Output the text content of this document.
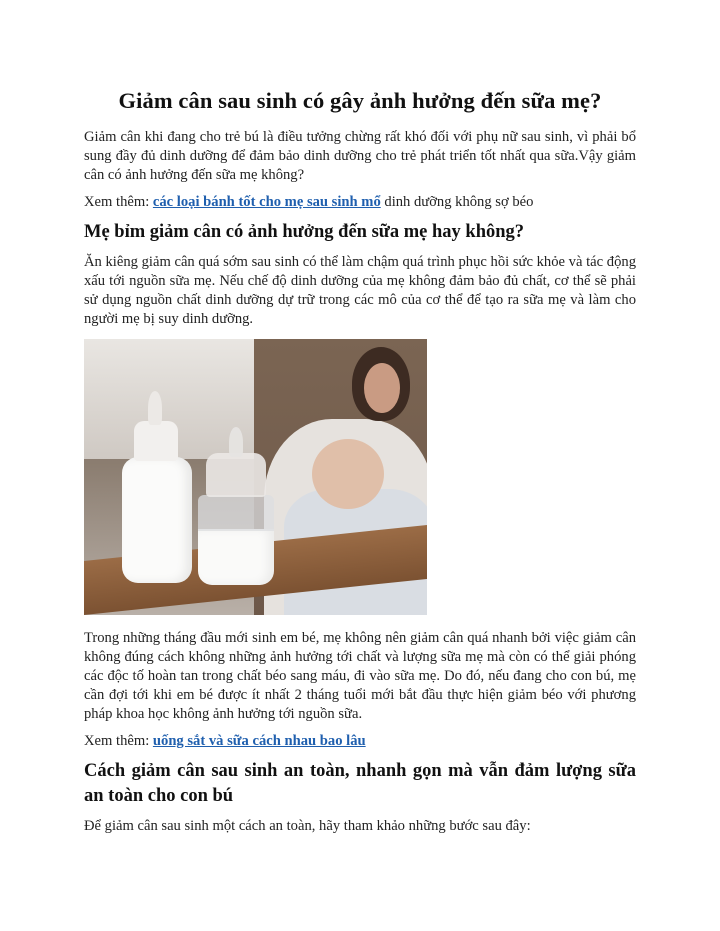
Giảm cân sau sinh có gây ảnh hưởng đến sữa mẹ?

Giảm cân khi đang cho trẻ bú là điều tưởng chừng rất khó đối với phụ nữ sau sinh, vì phải bổ sung đầy đủ dinh dưỡng để đảm bảo dinh dưỡng cho trẻ phát triển tốt nhất qua sữa.Vậy giảm cân có ảnh hưởng đến sữa mẹ không?

Xem thêm: các loại bánh tốt cho mẹ sau sinh mổ dinh dưỡng không sợ béo

Mẹ bỉm giảm cân có ảnh hưởng đến sữa mẹ hay không?

Ăn kiêng giảm cân quá sớm sau sinh có thể làm chậm quá trình phục hồi sức khỏe và tác động xấu tới nguồn sữa mẹ. Nếu chế độ dinh dưỡng của mẹ không đảm bảo đủ chất, cơ thể sẽ phải sử dụng nguồn chất dinh dưỡng dự trữ trong các mô của cơ thể để tạo ra sữa mẹ và làm cho người mẹ bị suy dinh dưỡng.

Trong những tháng đầu mới sinh em bé, mẹ không nên giảm cân quá nhanh bởi việc giảm cân không đúng cách không những ảnh hưởng tới chất và lượng sữa mẹ mà còn có thể giải phóng các độc tố hoàn tan trong chất béo sang máu, đi vào sữa mẹ. Do đó, nếu đang cho con bú, mẹ cần đợi tới khi em bé được ít nhất 2 tháng tuổi mới bắt đầu thực hiện giảm béo với phương pháp khoa học không ảnh hưởng tới nguồn sữa.

Xem thêm: uống sắt và sữa cách nhau bao lâu

Cách giảm cân sau sinh an toàn, nhanh gọn mà vẫn đảm lượng sữa an toàn cho con bú

Để giảm cân sau sinh một cách an toàn, hãy tham khảo những bước sau đây:
